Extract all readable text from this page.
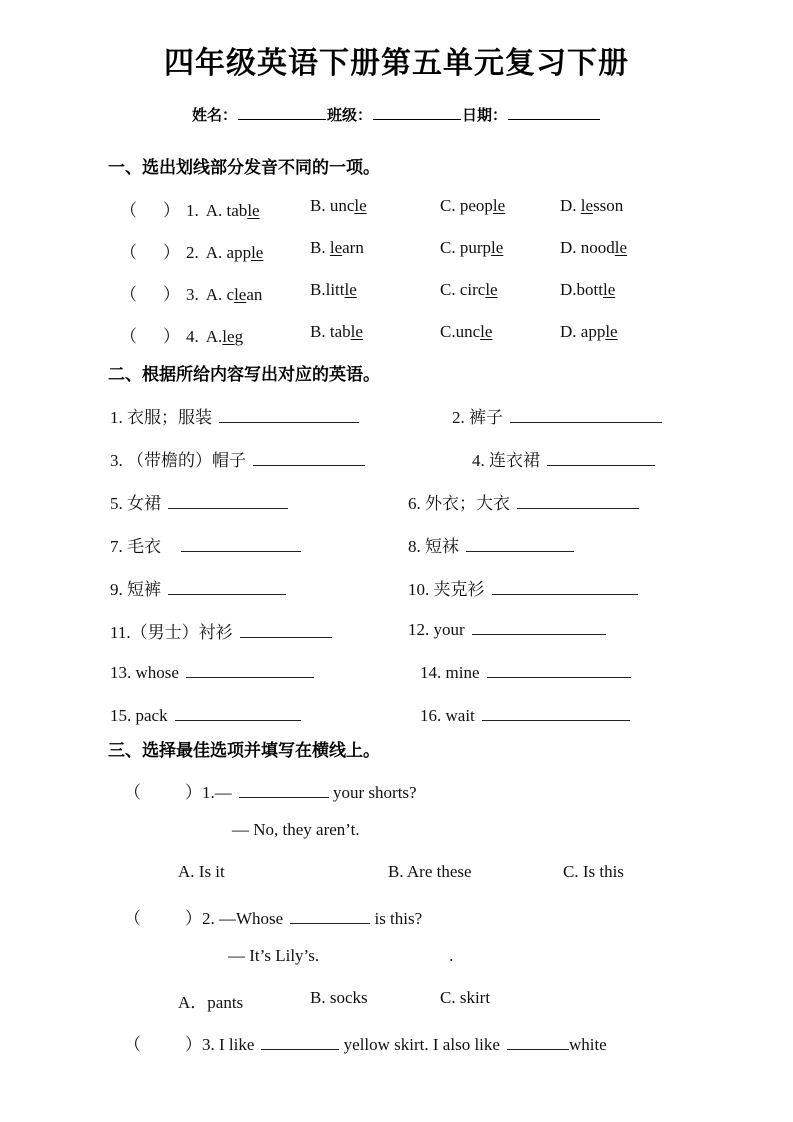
四年级英语下册第五单元复习下册
姓名：	班级：	日期：
一、选出划线部分发音不同的一项。
（ ） 1. A. table	B. uncle	C. people	D. lesson
（ ） 2. A. apple	B. learn	C. purple	D. noodle
（ ） 3. A. clean	B.little	C. circle	D.bottle
（ ） 4. A.leg	B. table	C.uncle	D. apple
二、根据所给内容写出对应的英语。
1. 衣服；服装	2. 裤子
3. （带檐的）帽子	4. 连衣裙
5. 女裙	6. 外衣；大衣
7. 毛衣	8. 短袜
9. 短裤	10. 夹克衫
11.（男士）衬衫	12. your
13. whose	14. mine
15. pack	16. wait
三、选择最佳选项并填写在横线上。
（	）1.—	your shorts?
— No, they aren’t.
A. Is it	B. Are these	C. Is this
（	）2. —Whose	is this?
— It’s Lily’s.	.
A．pants	B. socks	C. skirt
（	）3. I like	yellow skirt. I also like	white
